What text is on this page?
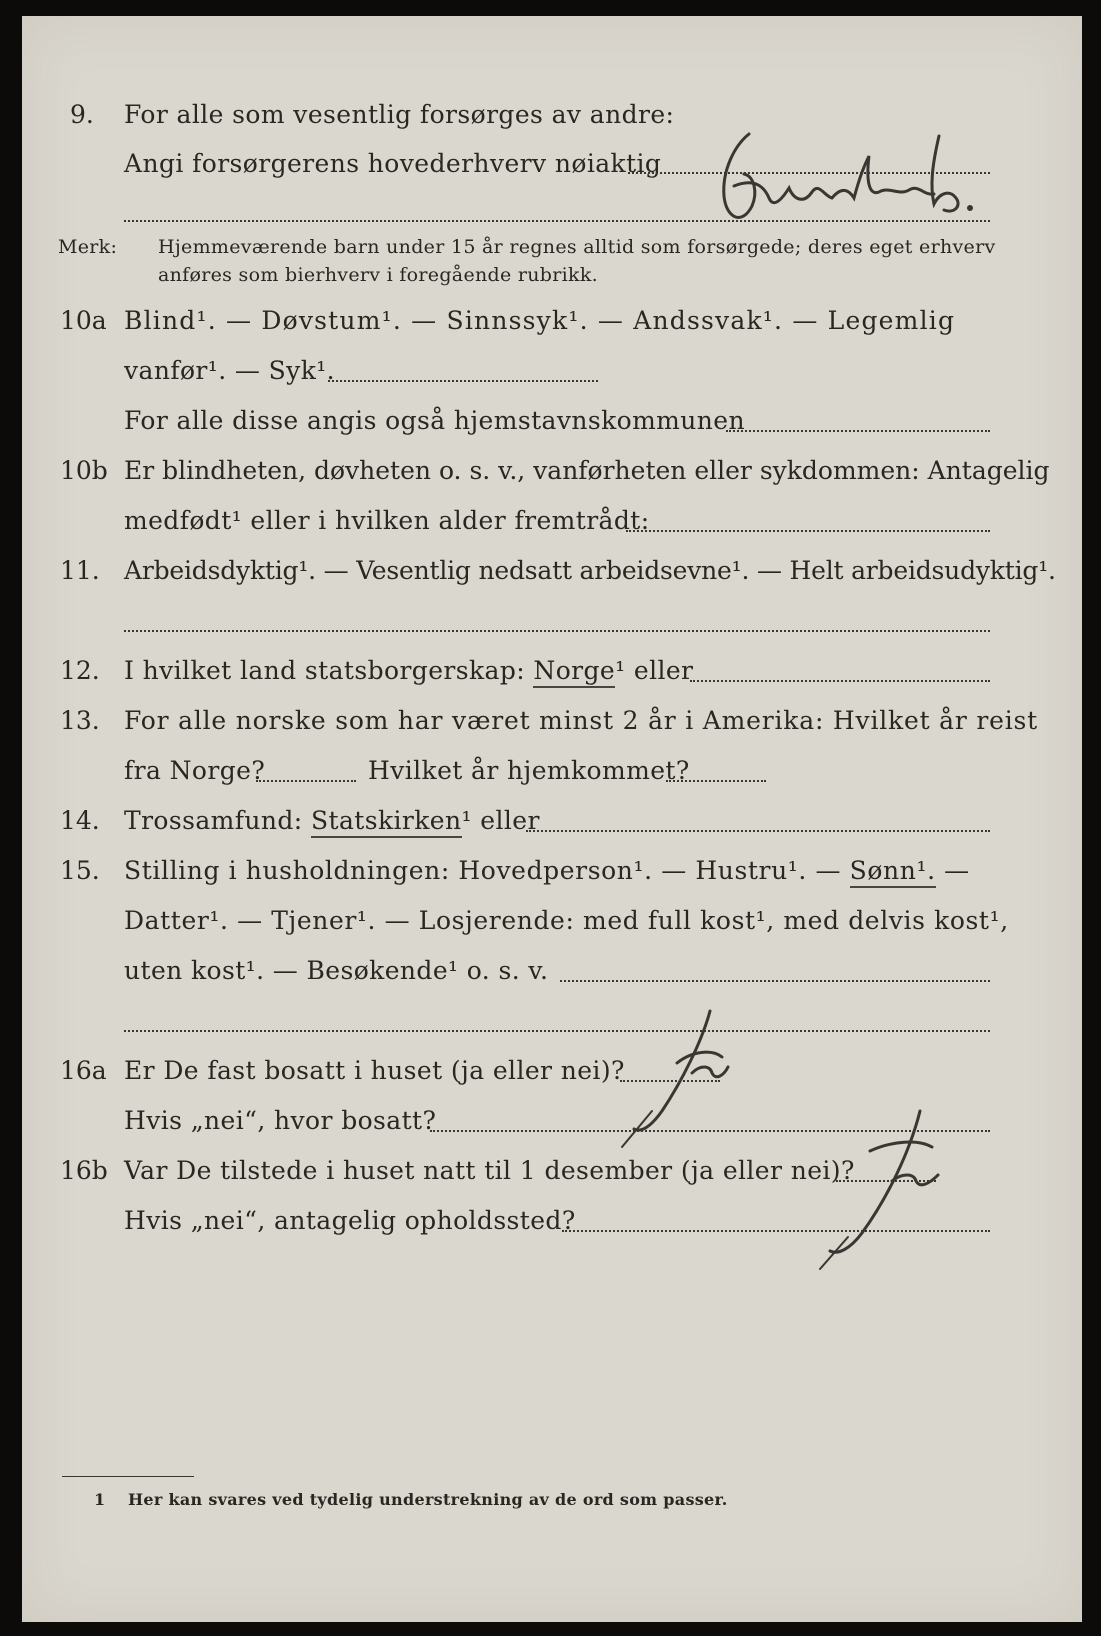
9. For alle som vesentlig forsørges av andre:
Angi forsørgerens hovederhverv nøiaktig
Merk: Hjemmeværende barn under 15 år regnes alltid som forsørgede; deres eget erhverv
anføres som bierhverv i foregående rubrikk.
10a Blind¹. — Døvstum¹. — Sinnssyk¹. — Andssvak¹. — Legemlig
vanfør¹. — Syk¹.
For alle disse angis også hjemstavnskommunen
10b Er blindheten, døvheten o. s. v., vanførheten eller sykdommen: Antagelig
medfødt¹ eller i hvilken alder fremtrådt:
11. Arbeidsdyktig¹. — Vesentlig nedsatt arbeidsevne¹. — Helt arbeidsudyktig¹.
12. I hvilket land statsborgerskap: Norge¹ eller
13. For alle norske som har været minst 2 år i Amerika: Hvilket år reist
fra Norge?	Hvilket år hjemkommet?
14. Trossamfund: Statskirken¹ eller
15. Stilling i husholdningen: Hovedperson¹. — Hustru¹. — Sønn¹. —
Datter¹. — Tjener¹. — Losjerende: med full kost¹, med delvis kost¹,
uten kost¹. — Besøkende¹ o. s. v.
16a Er De fast bosatt i huset (ja eller nei)?
Hvis „nei“, hvor bosatt?
16b Var De tilstede i huset natt til 1 desember (ja eller nei)?
Hvis „nei“, antagelig opholdssted?
1 Her kan svares ved tydelig understrekning av de ord som passer.
